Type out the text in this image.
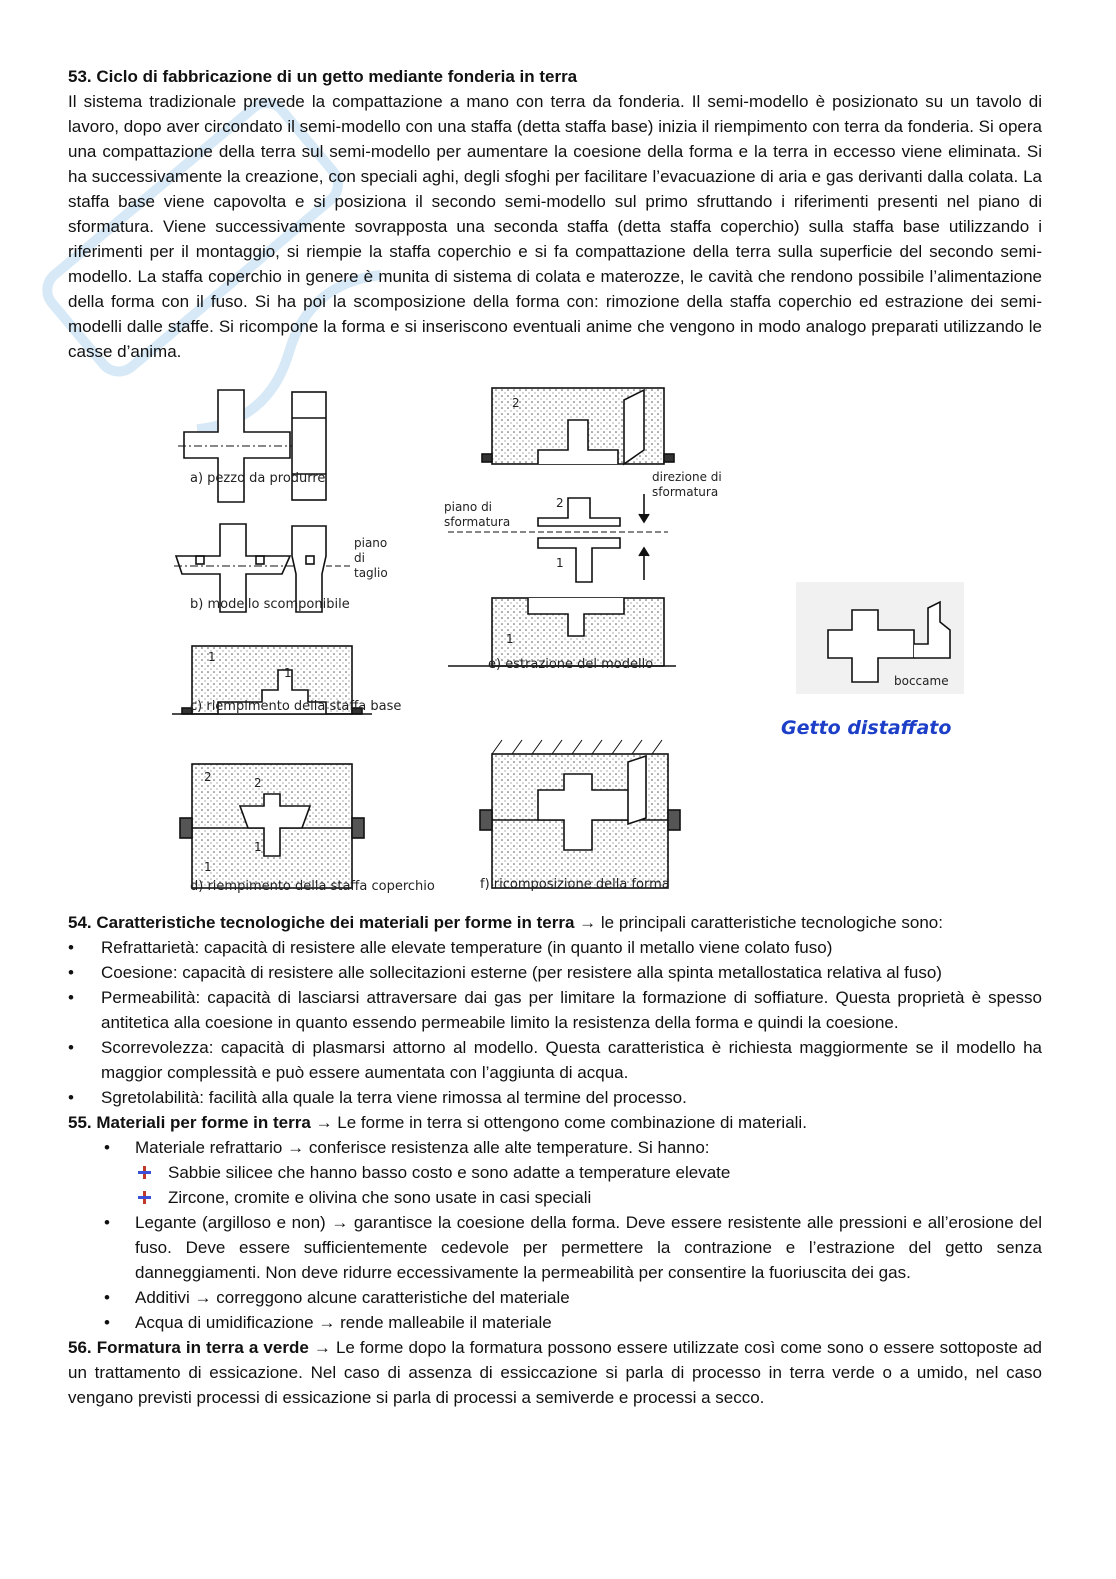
53. Ciclo di fabbricazione di un getto mediante fonderia in terra
Il sistema tradizionale prevede la compattazione a mano con terra da fonderia. Il semi-modello è posizionato su un tavolo di lavoro, dopo aver circondato il semi-modello con una staffa (detta staffa base) inizia il riempimento con terra da fonderia. Si opera una compattazione della terra sul semi-modello per aumentare la coesione della forma e la terra in eccesso viene eliminata. Si ha successivamente la creazione, con speciali aghi, degli sfoghi per facilitare l’evacuazione di aria e gas derivanti dalla colata. La staffa base viene capovolta e si posiziona il secondo semi-modello sul primo sfruttando i riferimenti presenti nel piano di sformatura. Viene successivamente sovrapposta una seconda staffa (detta staffa coperchio) sulla staffa base utilizzando i riferimenti per il montaggio, si riempie la staffa coperchio e si fa compattazione della terra sulla superficie del secondo semi-modello. La staffa coperchio in genere è munita di sistema di colata e materozze, le cavità che rendono possibile l’alimentazione della forma con il fuso. Si ha poi la scomposizione della forma con: rimozione della staffa coperchio ed estrazione dei semi-modelli dalle staffe. Si ricompone la forma e si inseriscono eventuali anime che vengono in modo analogo preparati utilizzando le casse d’anima.

a) pezzo da produrre
b) modello scomponibile
c) riempimento della staffa base
d) riempimento della staffa coperchio
e) estrazione del modello
f) ricomposizione della forma
piano di taglio
piano di sformatura
direzione di sformatura
boccame
Getto distaffato
2
2
1
1
1
1
2	2
1
1

54. Caratteristiche tecnologiche dei materiali per forme in terra → le principali caratteristiche tecnologiche sono:

• Refrattarietà: capacità di resistere alle elevate temperature (in quanto il metallo viene colato fuso)
• Coesione: capacità di resistere alle sollecitazioni esterne (per resistere alla spinta metallostatica relativa al fuso)
• Permeabilità: capacità di lasciarsi attraversare dai gas per limitare la formazione di soffiature. Questa proprietà è spesso antitetica alla coesione in quanto essendo permeabile limito la resistenza della forma e quindi la coesione.
• Scorrevolezza: capacità di plasmarsi attorno al modello. Questa caratteristica è richiesta maggiormente se il modello ha maggior complessità e può essere aumentata con l’aggiunta di acqua.
• Sgretolabilità: facilità alla quale la terra viene rimossa al termine del processo.

55. Materiali per forme in terra → Le forme in terra si ottengono come combinazione di materiali.

• Materiale refrattario → conferisce resistenza alle alte temperature. Si hanno:
Sabbie silicee che hanno basso costo e sono adatte a temperature elevate
Zircone, cromite e olivina che sono usate in casi speciali
• Legante (argilloso e non) → garantisce la coesione della forma. Deve essere resistente alle pressioni e all’erosione del fuso. Deve essere sufficientemente cedevole per permettere la contrazione e l’estrazione del getto senza danneggiamenti. Non deve ridurre eccessivamente la permeabilità per consentire la fuoriuscita dei gas.
• Additivi → correggono alcune caratteristiche del materiale
• Acqua di umidificazione → rende malleabile il materiale

56. Formatura in terra a verde → Le forme dopo la formatura possono essere utilizzate così come sono o essere sottoposte ad un trattamento di essicazione. Nel caso di assenza di essiccazione si parla di processo in terra verde o a umido, nel caso vengano previsti processi di essicazione si parla di processi a semiverde e processi a secco.
